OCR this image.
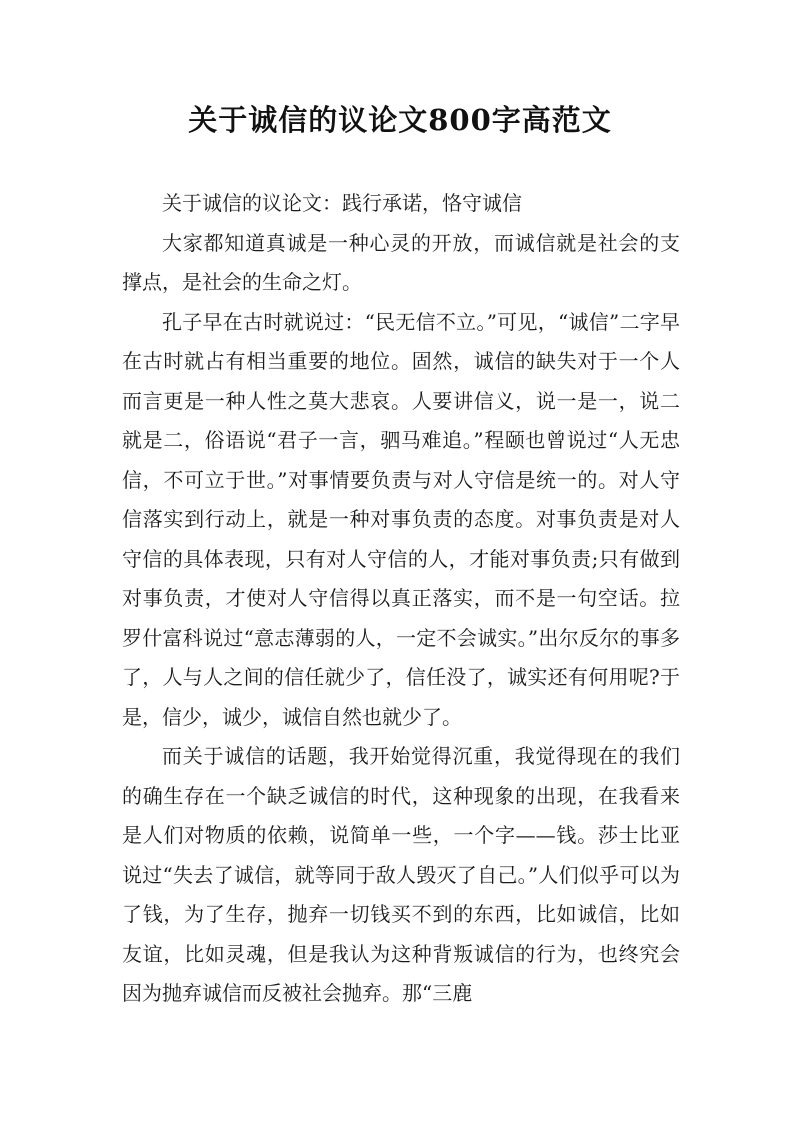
关于诚信的议论文800字高范文

关于诚信的议论文：践行承诺，恪守诚信

大家都知道真诚是一种心灵的开放，而诚信就是社会的支撑点，是社会的生命之灯。

孔子早在古时就说过：“民无信不立。”可见，“诚信”二字早在古时就占有相当重要的地位。固然，诚信的缺失对于一个人而言更是一种人性之莫大悲哀。人要讲信义，说一是一，说二就是二，俗语说“君子一言，驷马难追。”程颐也曾说过“人无忠信，不可立于世。”对事情要负责与对人守信是统一的。对人守信落实到行动上，就是一种对事负责的态度。对事负责是对人守信的具体表现，只有对人守信的人，才能对事负责;只有做到对事负责，才使对人守信得以真正落实，而不是一句空话。拉罗什富科说过“意志薄弱的人，一定不会诚实。”出尔反尔的事多了，人与人之间的信任就少了，信任没了，诚实还有何用呢?于是，信少，诚少，诚信自然也就少了。

而关于诚信的话题，我开始觉得沉重，我觉得现在的我们的确生存在一个缺乏诚信的时代，这种现象的出现，在我看来是人们对物质的依赖，说简单一些，一个字——钱。莎士比亚说过“失去了诚信，就等同于敌人毁灭了自己。”人们似乎可以为了钱，为了生存，抛弃一切钱买不到的东西，比如诚信，比如友谊，比如灵魂，但是我认为这种背叛诚信的行为，也终究会因为抛弃诚信而反被社会抛弃。那“三鹿
